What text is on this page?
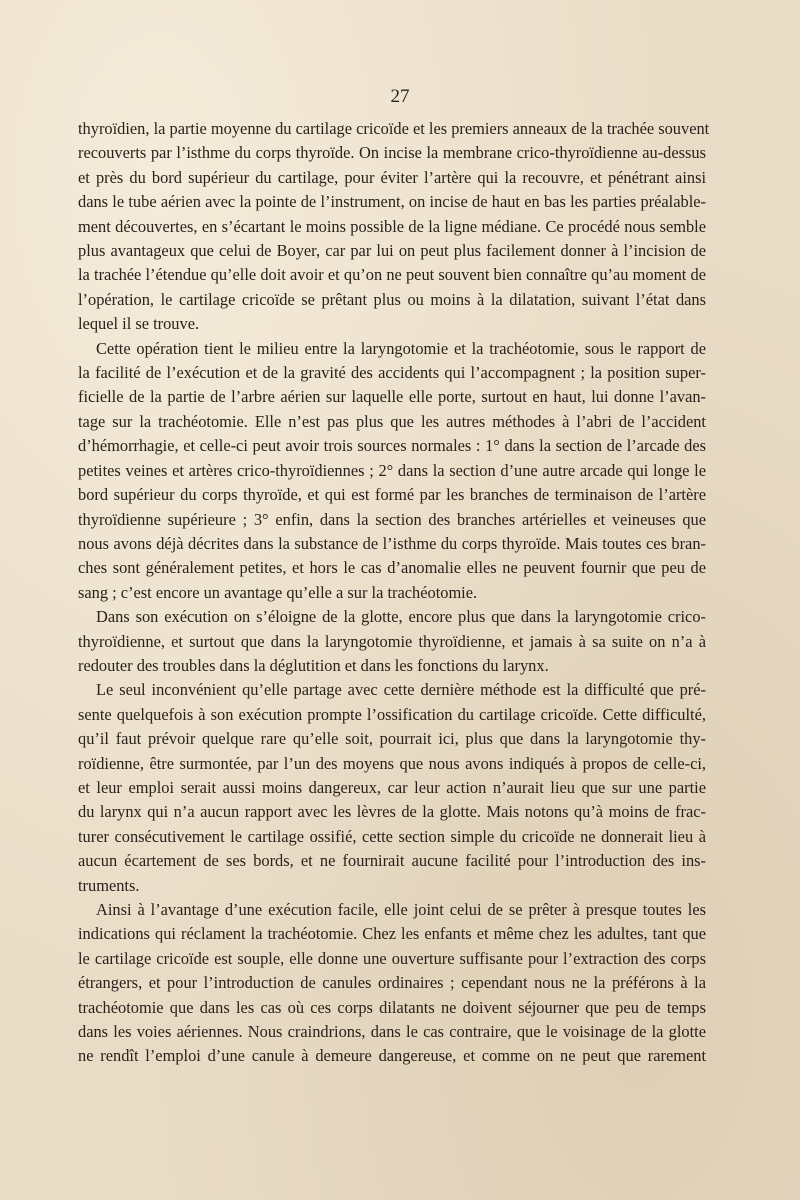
27
thyroïdien, la partie moyenne du cartilage cricoïde et les premiers anneaux de la trachée souvent
recouverts par l’isthme du corps thyroïde. On incise la membrane crico-thyroïdienne au-dessus
et près du bord supérieur du cartilage, pour éviter l’artère qui la recouvre, et pénétrant ainsi
dans le tube aérien avec la pointe de l’instrument, on incise de haut en bas les parties préalable-
ment découvertes, en s’écartant le moins possible de la ligne médiane. Ce procédé nous semble
plus avantageux que celui de Boyer, car par lui on peut plus facilement donner à l’incision de
la trachée l’étendue qu’elle doit avoir et qu’on ne peut souvent bien connaître qu’au moment de
l’opération, le cartilage cricoïde se prêtant plus ou moins à la dilatation, suivant l’état dans
lequel il se trouve.
Cette opération tient le milieu entre la laryngotomie et la trachéotomie, sous le rapport de
la facilité de l’exécution et de la gravité des accidents qui l’accompagnent ; la position super-
ficielle de la partie de l’arbre aérien sur laquelle elle porte, surtout en haut, lui donne l’avan-
tage sur la trachéotomie. Elle n’est pas plus que les autres méthodes à l’abri de l’accident
d’hémorrhagie, et celle-ci peut avoir trois sources normales : 1° dans la section de l’arcade des
petites veines et artères crico-thyroïdiennes ; 2° dans la section d’une autre arcade qui longe le
bord supérieur du corps thyroïde, et qui est formé par les branches de terminaison de l’artère
thyroïdienne supérieure ; 3° enfin, dans la section des branches artérielles et veineuses que
nous avons déjà décrites dans la substance de l’isthme du corps thyroïde. Mais toutes ces bran-
ches sont généralement petites, et hors le cas d’anomalie elles ne peuvent fournir que peu de
sang ; c’est encore un avantage qu’elle a sur la trachéotomie.
Dans son exécution on s’éloigne de la glotte, encore plus que dans la laryngotomie crico-
thyroïdienne, et surtout que dans la laryngotomie thyroïdienne, et jamais à sa suite on n’a à
redouter des troubles dans la déglutition et dans les fonctions du larynx.
Le seul inconvénient qu’elle partage avec cette dernière méthode est la difficulté que pré-
sente quelquefois à son exécution prompte l’ossification du cartilage cricoïde. Cette difficulté,
qu’il faut prévoir quelque rare qu’elle soit, pourrait ici, plus que dans la laryngotomie thy-
roïdienne, être surmontée, par l’un des moyens que nous avons indiqués à propos de celle-ci,
et leur emploi serait aussi moins dangereux, car leur action n’aurait lieu que sur une partie
du larynx qui n’a aucun rapport avec les lèvres de la glotte. Mais notons qu’à moins de frac-
turer consécutivement le cartilage ossifié, cette section simple du cricoïde ne donnerait lieu à
aucun écartement de ses bords, et ne fournirait aucune facilité pour l’introduction des ins-
truments.
Ainsi à l’avantage d’une exécution facile, elle joint celui de se prêter à presque toutes les
indications qui réclament la trachéotomie. Chez les enfants et même chez les adultes, tant que
le cartilage cricoïde est souple, elle donne une ouverture suffisante pour l’extraction des corps
étrangers, et pour l’introduction de canules ordinaires ; cependant nous ne la préférons à la
trachéotomie que dans les cas où ces corps dilatants ne doivent séjourner que peu de temps
dans les voies aériennes. Nous craindrions, dans le cas contraire, que le voisinage de la glotte
ne rendît l’emploi d’une canule à demeure dangereuse, et comme on ne peut que rarement
